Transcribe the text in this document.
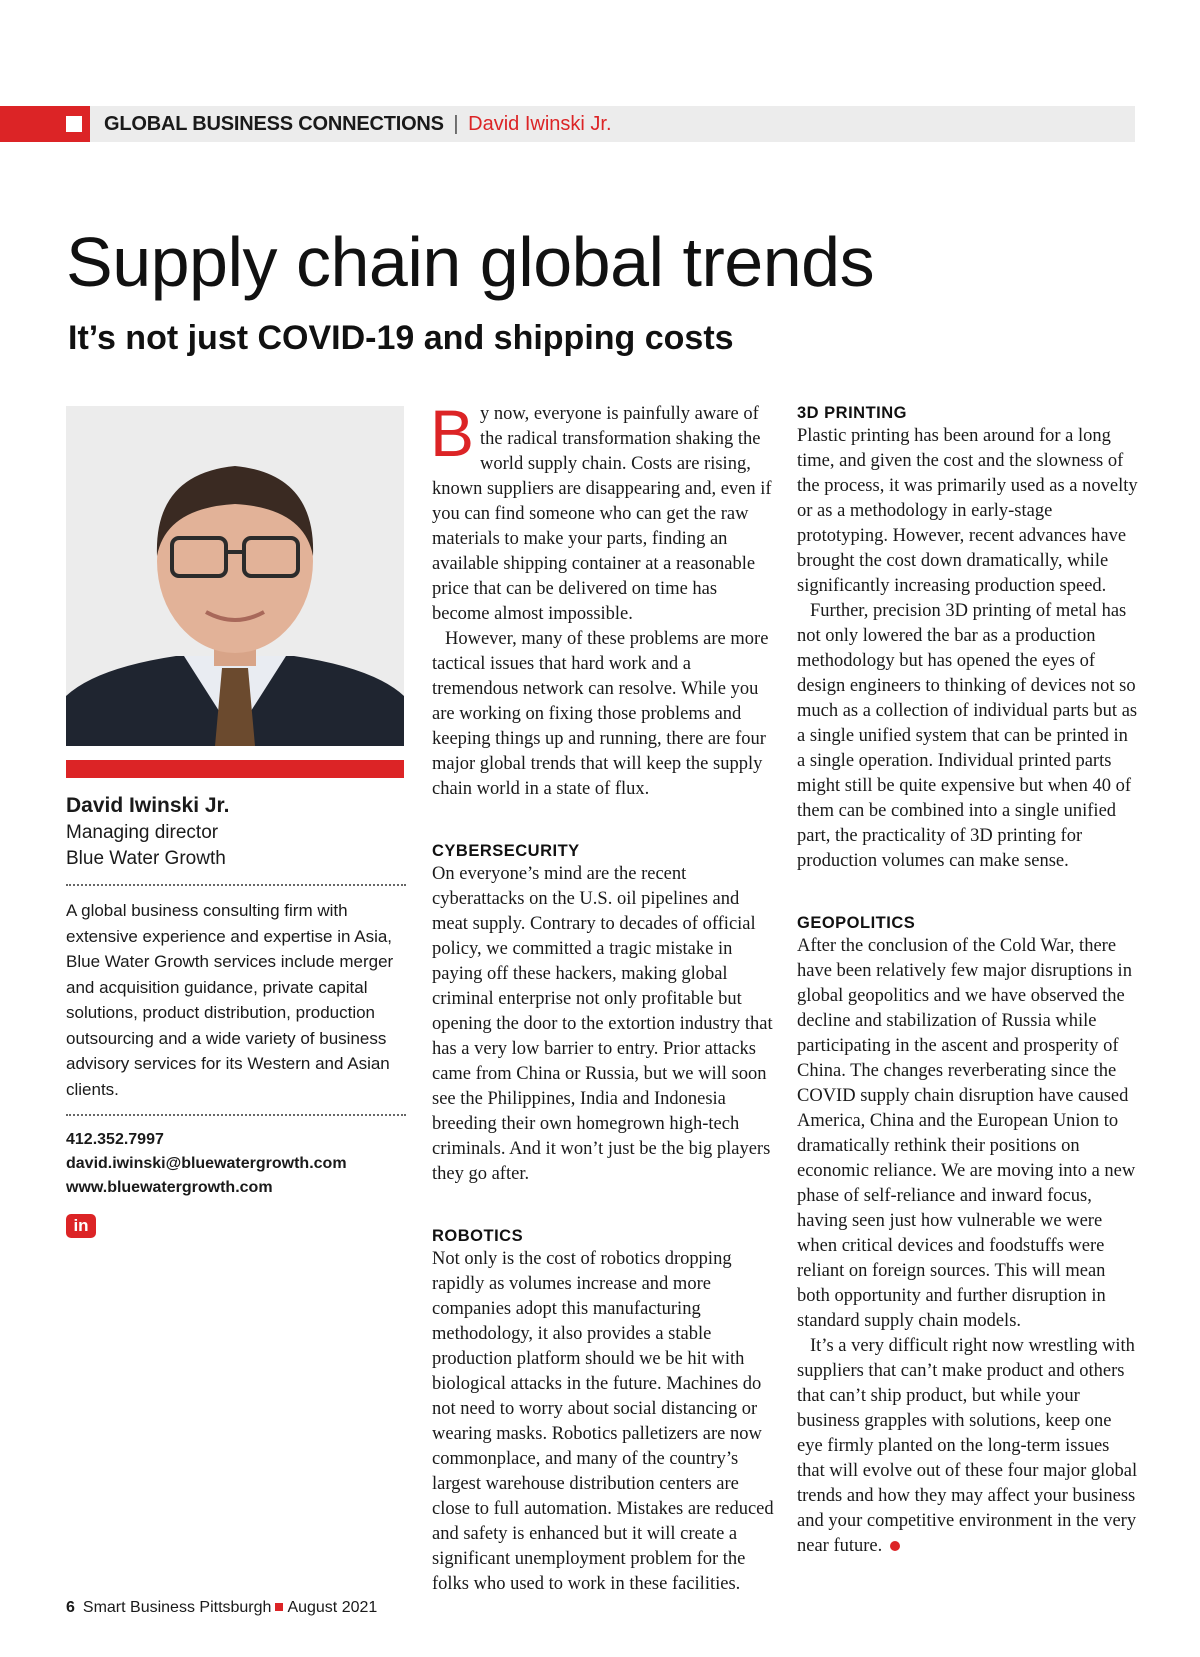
GLOBAL BUSINESS CONNECTIONS | David Iwinski Jr.
Supply chain global trends
It’s not just COVID-19 and shipping costs
David Iwinski Jr.
Managing director
Blue Water Growth
A global business consulting firm with extensive experience and expertise in Asia, Blue Water Growth services include merger and acquisition guidance, private capital solutions, product distribution, production outsourcing and a wide variety of business advisory services for its Western and Asian clients.
412.352.7997
david.iwinski@bluewatergrowth.com
www.bluewatergrowth.com
in

By now, everyone is painfully aware of the radical transformation shaking the world supply chain. Costs are rising, known suppliers are disappearing and, even if you can find someone who can get the raw materials to make your parts, finding an available shipping container at a reasonable price that can be delivered on time has become almost impossible.

However, many of these problems are more tactical issues that hard work and a tremendous network can resolve. While you are working on fixing those problems and keeping things up and running, there are four major global trends that will keep the supply chain world in a state of flux.

CYBERSECURITY

On everyone’s mind are the recent cyberattacks on the U.S. oil pipelines and meat supply. Contrary to decades of official policy, we committed a tragic mistake in paying off these hackers, making global criminal enterprise not only profitable but opening the door to the extortion industry that has a very low barrier to entry. Prior attacks came from China or Russia, but we will soon see the Philippines, India and Indonesia breeding their own homegrown high-tech criminals. And it won’t just be the big players they go after.

ROBOTICS

Not only is the cost of robotics dropping rapidly as volumes increase and more companies adopt this manufacturing methodology, it also provides a stable production platform should we be hit with biological attacks in the future. Machines do not need to worry about social distancing or wearing masks. Robotics palletizers are now commonplace, and many of the country’s largest warehouse distribution centers are close to full automation. Mistakes are reduced and safety is enhanced but it will create a significant unemployment problem for the folks who used to work in these facilities.

3D PRINTING

Plastic printing has been around for a long time, and given the cost and the slowness of the process, it was primarily used as a novelty or as a methodology in early-stage prototyping. However, recent advances have brought the cost down dramatically, while significantly increasing production speed.

Further, precision 3D printing of metal has not only lowered the bar as a production methodology but has opened the eyes of design engineers to thinking of devices not so much as a collection of individual parts but as a single unified system that can be printed in a single operation. Individual printed parts might still be quite expensive but when 40 of them can be combined into a single unified part, the practicality of 3D printing for production volumes can make sense.

GEOPOLITICS

After the conclusion of the Cold War, there have been relatively few major disruptions in global geopolitics and we have observed the decline and stabilization of Russia while participating in the ascent and prosperity of China. The changes reverberating since the COVID supply chain disruption have caused America, China and the European Union to dramatically rethink their positions on economic reliance. We are moving into a new phase of self-reliance and inward focus, having seen just how vulnerable we were when critical devices and foodstuffs were reliant on foreign sources. This will mean both opportunity and further disruption in standard supply chain models.

It’s a very difficult right now wrestling with suppliers that can’t make product and others that can’t ship product, but while your business grapples with solutions, keep one eye firmly planted on the long-term issues that will evolve out of these four major global trends and how they may affect your business and your competitive environment in the very near future.

6 Smart Business Pittsburgh August 2021
